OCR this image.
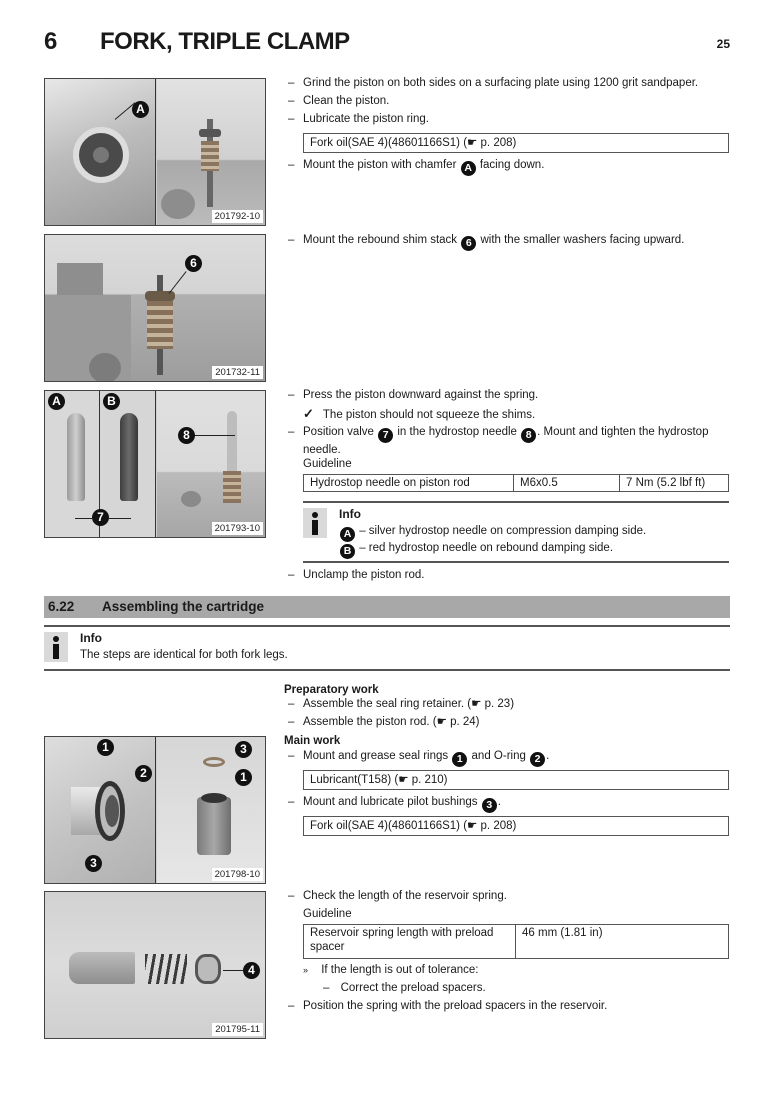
6 FORK, TRIPLE CLAMP	25
A
201792-10
6
201732-11
A	B
7
8
201793-10
– Grind the piston on both sides on a surfacing plate using 1200 grit sandpaper.
– Clean the piston.
– Lubricate the piston ring.
Fork oil(SAE 4)(48601166S1) (☛ p. 208)
– Mount the piston with chamfer A facing down.
– Mount the rebound shim stack 6 with the smaller washers facing upward.
– Press the piston downward against the spring.
✓ The piston should not squeeze the shims.
– Position valve 7 in the hydrostop needle 8 . Mount and tighten the hydrostop needle.
Guideline
Hydrostop needle on piston rod	M6x0.5	7 Nm (5.2 lbf ft)
Info
A – silver hydrostop needle on compression damping side.
B – red hydrostop needle on rebound damping side.
– Unclamp the piston rod.
6.22 Assembling the cartridge
Info
The steps are identical for both fork legs.
1
2
3
3
1
201798-10
4
201795-11
Preparatory work
– Assemble the seal ring retainer. (☛ p. 23)
– Assemble the piston rod. (☛ p. 24)
Main work
– Mount and grease seal rings 1 and O-ring 2 .
Lubricant(T158) (☛ p. 210)
– Mount and lubricate pilot bushings 3 .
Fork oil(SAE 4)(48601166S1) (☛ p. 208)
– Check the length of the reservoir spring.
Guideline
Reservoir spring length with preload spacer	46 mm (1.81 in)
» If the length is out of tolerance:
– Correct the preload spacers.
– Position the spring with the preload spacers in the reservoir.
